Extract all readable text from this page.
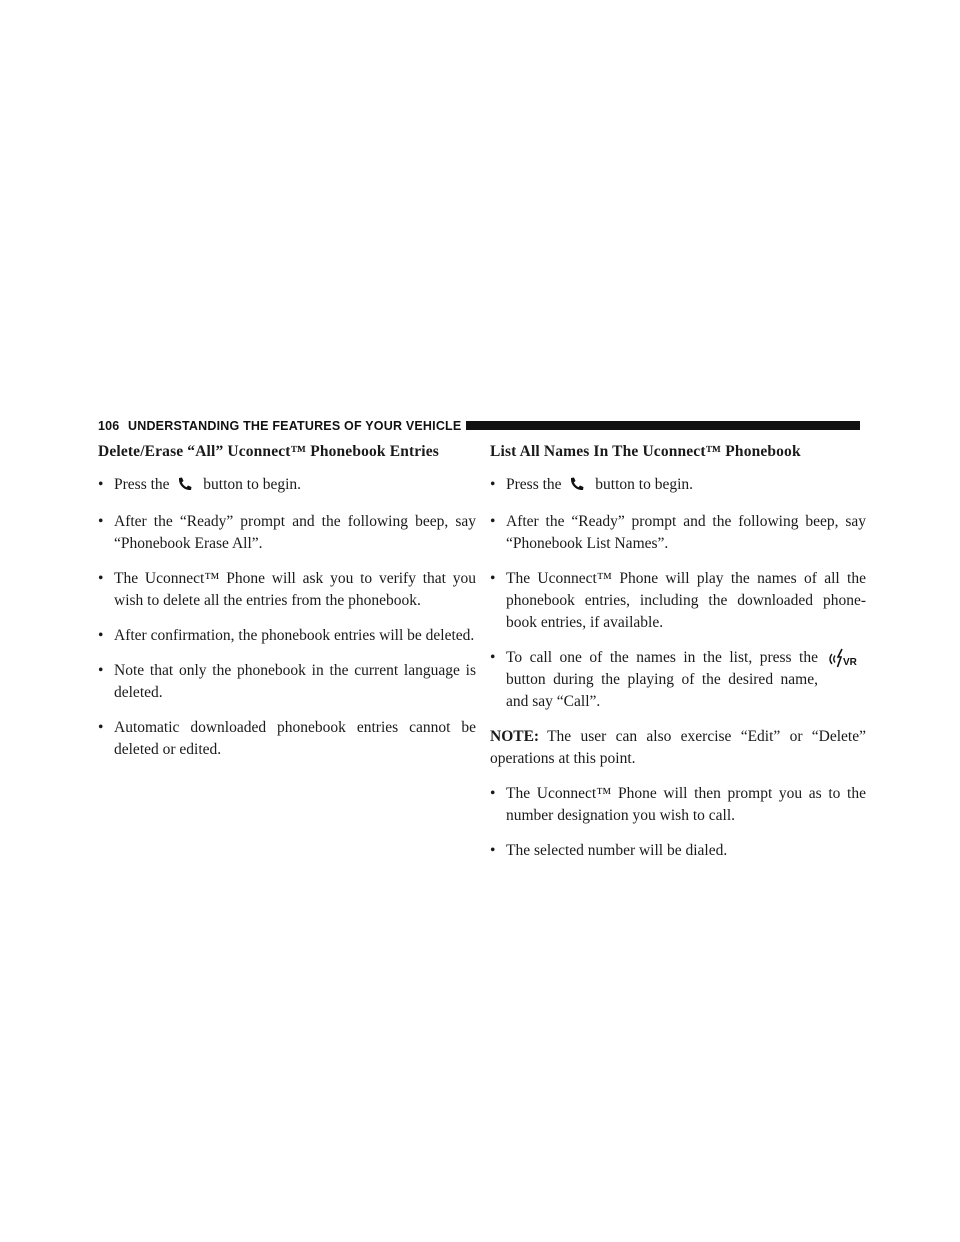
106 UNDERSTANDING THE FEATURES OF YOUR VEHICLE
Delete/Erase “All” Uconnect™ Phonebook Entries
• Press the button to begin.
• After the “Ready” prompt and the following beep, say “Phonebook Erase All”.
• The Uconnect™ Phone will ask you to verify that you wish to delete all the entries from the phonebook.
• After confirmation, the phonebook entries will be deleted.
• Note that only the phonebook in the current language is deleted.
• Automatic downloaded phonebook entries cannot be deleted or edited.
List All Names In The Uconnect™ Phonebook
• Press the button to begin.
• After the “Ready” prompt and the following beep, say “Phonebook List Names”.
• The Uconnect™ Phone will play the names of all the phonebook entries, including the downloaded phone-book entries, if available.
•	VR
To call one of the names in the list, press the button during the playing of the desired name, and say “Call”.

NOTE: The user can also exercise “Edit” or “Delete” operations at this point.

• The Uconnect™ Phone will then prompt you as to the number designation you wish to call.
• The selected number will be dialed.
